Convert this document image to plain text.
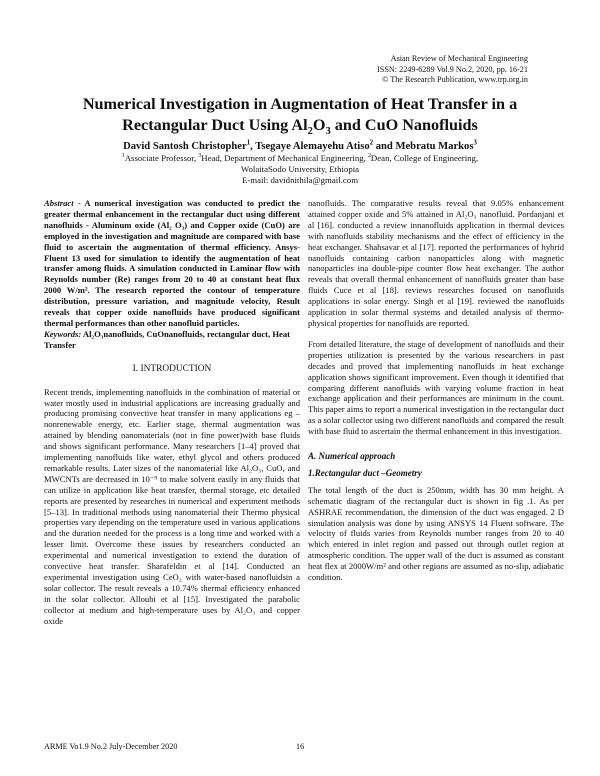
Asian Review of Mechanical Engineering
ISSN: 2249-6289 Vol.9 No.2, 2020, pp. 16-21
© The Research Publication, www.trp.org.in
Numerical Investigation in Augmentation of Heat Transfer in a
Rectangular Duct Using $Al_2O_3$ and CuO Nanofluids
David Santosh Christopher$^1$, Tsegaye Alemayehu Atiso$^2$ and Mebratu Markos$^3$
$^1$Associate Professor, $^3$Head, Department of Mechanical Engineering, $^2$Dean, College of Engineering,
WolaitaSodo University, Ethiopia
E-mail: davidnithila@gmail.com

Abstract - A numerical investigation was conducted to predict the greater thermal enhancement in the rectangular duct using different nanofluids - Aluminum oxide (Al₂ O₃) and Copper oxide (CuO) are employed in the investigation and magnitude are compared with base fluid to ascertain the augmentation of thermal efficiency. Ansys-Fluent 13 used for simulation to identify the augmentation of heat transfer among fluids. A simulation conducted in Laminar flow with Reynolds number (Re) ranges from 20 to 40 at constant heat flux 2000 W/m². The research reported the contour of temperature distribution, pressure variation, and magnitude velocity, Result reveals that copper oxide nanofluids have produced significant thermal performances than other nanofluid particles.

Keywords: Al₂O₃nanofluids, CuOnanofluids, rectangular duct, Heat Transfer

I. INTRODUCTION

Recent trends, implementing nanofluids in the combination of material or water mostly used in industrial applications are increasing gradually and producing promising convective heat transfer in many applications eg – nonrenewable energy, etc. Earlier stage, thermal augmentation was attained by blending nanomaterials (not in fine power)with base fluids and shows significant performance. Many researchers [1–4] proved that implementing nanofluids like water, ethyl glycol and others produced remarkable results. Later sizes of the nanomaterial like Al₂O₃, CuO, and MWCNTs are decreased in 10⁻⁹ to make solvent easily in any fluids that can utilize in application like heat transfer, thermal storage, etc detailed reports are presented by researches in numerical and experiment methods [5–13]. In traditional methods using nanomaterial their Thermo physical properties vary depending on the temperature used in various applications and the duration needed for the process is a long time and worked with a lesser limit. Overcome these issues by researchers conducted an experimental and numerical investigation to extend the duration of convective heat transfer. Sharafeldin et al [14]. Conducted an experimental investigation using CeO₂ with water-based nanofluidsin a solar collector. The result reveals a 10.74% thermal efficiency enhanced in the solar collector. Alloubi et al [15]. Investigated the parabolic collector at medium and high-temperature uses by Al₂O₃ and copper oxide

nanofluids. The comparative results reveal that 9.05% enhancement attained copper oxide and 5% attained in Al₂O₃ nanofluid. Pordanjani et al [16]. conducted a review innanofluids application in thermal devices with nanofluids stability mechanisms and the effect of efficiency in the heat exchanger. Shahsavar et al [17]. reported the performances of hybrid nanofluids containing carbon nanoparticles along with magnetic nanoparticles ina double-pipe counter flow heat exchanger. The author reveals that overall thermal enhancement of nanofluids greater than base fluids Cuce et al [18]. reviews researches focused on nanofluids applications in solar energy. Singh et al [19]. reviewed the nanofluids application in solar thermal systems and detailed analysis of thermo-physical properties for nanofluids are reported.

From detailed literature, the stage of development of nanofluids and their properties utilization is presented by the various researchers in past decades and proved that implementing nanofluids in heat exchange application shows significant improvement. Even though it identified that comparing different nanofluids with varying volume fraction in heat exchange application and their performances are minimum in the count. This paper aims to report a numerical investigation in the rectangular duct as a solar collector using two different nanofluids and compared the result with base fluid to ascertain the thermal enhancement in this investigation.

A. Numerical approach
1.Rectangular duct –Geometry

The total length of the duct is 250mm, width has 30 mm height. A schematic diagram of the rectangular duct is shown in fig .1. As per ASHRAE recommendation, the dimension of the duct was engaged. 2 D simulation analysis was done by using ANSYS 14 Fluent software. The velocity of fluids varies from Reynolds number ranges from 20 to 40 which entered in inlet region and passed out through outlet region at atmospheric condition. The upper wall of the duct is assumed as constant heat flex at 2000W/m² and other regions are assumed as no-slip, adiabatic condition.

ARME Vo1.9 No.2 July-December 2020	16
